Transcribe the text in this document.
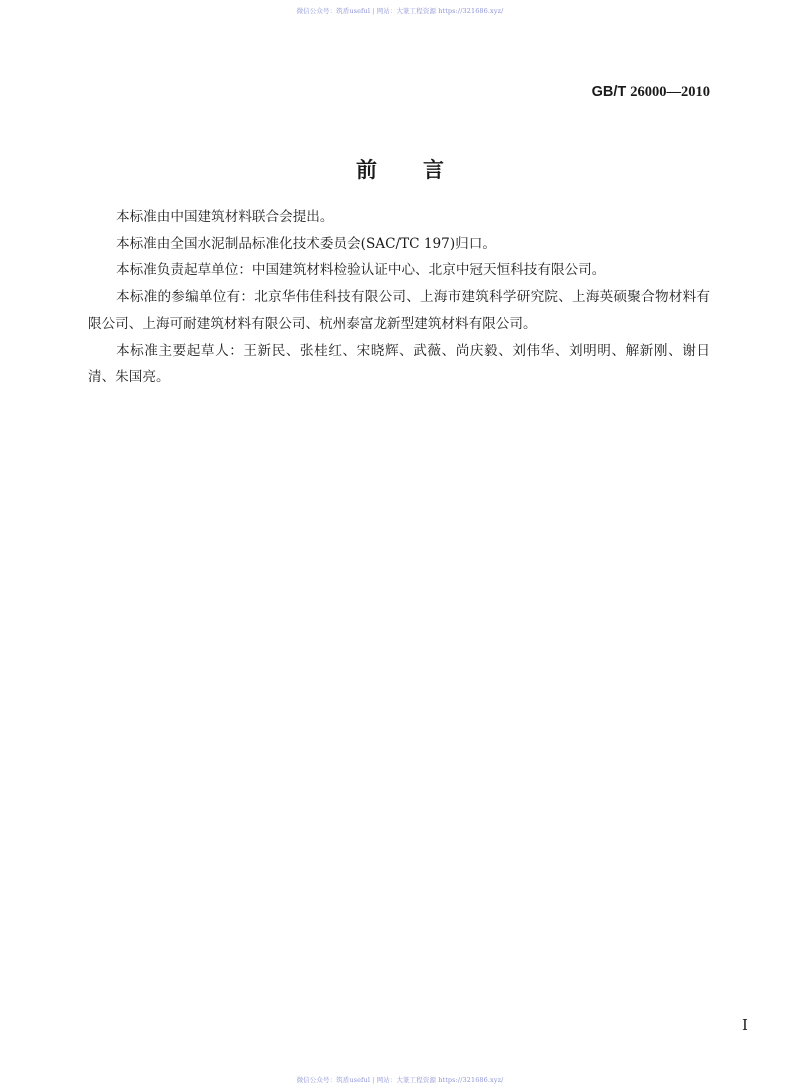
微信公众号：筑盾useful | 网站：大篆工程资源 https://321686.xyz/
GB/T 26000—2010
前言

本标准由中国建筑材料联合会提出。

本标准由全国水泥制品标准化技术委员会(SAC/TC 197)归口。

本标准负责起草单位：中国建筑材料检验认证中心、北京中冠天恒科技有限公司。

本标准的参编单位有：北京华伟佳科技有限公司、上海市建筑科学研究院、上海英硕聚合物材料有限公司、上海可耐建筑材料有限公司、杭州泰富龙新型建筑材料有限公司。

本标准主要起草人：王新民、张桂红、宋晓辉、武薇、尚庆毅、刘伟华、刘明明、解新刚、谢日清、朱国亮。

I
微信公众号：筑盾useful | 网站：大篆工程资源 https://321686.xyz/
